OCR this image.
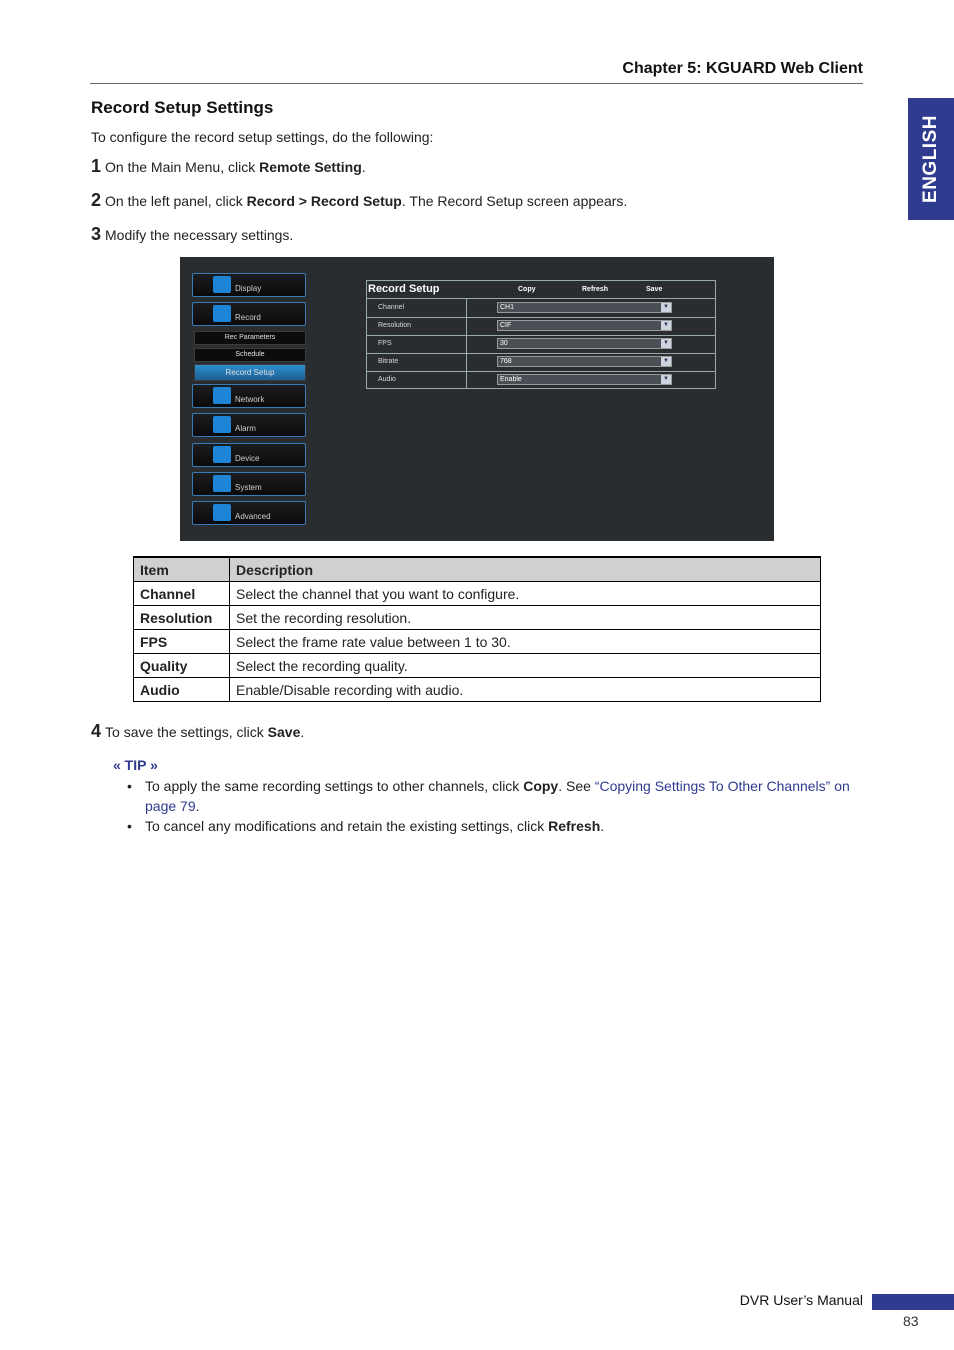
Chapter 5: KGUARD Web Client
ENGLISH
Record Setup Settings
To configure the record setup settings, do the following:
1 On the Main Menu, click Remote Setting.
2 On the left panel, click Record > Record Setup. The Record Setup screen appears.
3 Modify the necessary settings.
Display
Record
Rec Parameters
Schedule
Record Setup
Network
Alarm
Device
System
Advanced
Record Setup	Copy	Refresh	Save
Channel	CH1	▼
Resolution	CIF	▼
FPS	30	▼
Bitrate	768	▼
Audio	Enable	▼
Item	Description
Channel	Select the channel that you want to configure.
Resolution	Set the recording resolution.
FPS	Select the frame rate value between 1 to 30.
Quality	Select the recording quality.
Audio	Enable/Disable recording with audio.
4 To save the settings, click Save.
« TIP »
• To apply the same recording settings to other channels, click Copy. See “Copying Settings To Other Channels” on page 79.
• To cancel any modifications and retain the existing settings, click Refresh.
DVR User’s Manual
83
